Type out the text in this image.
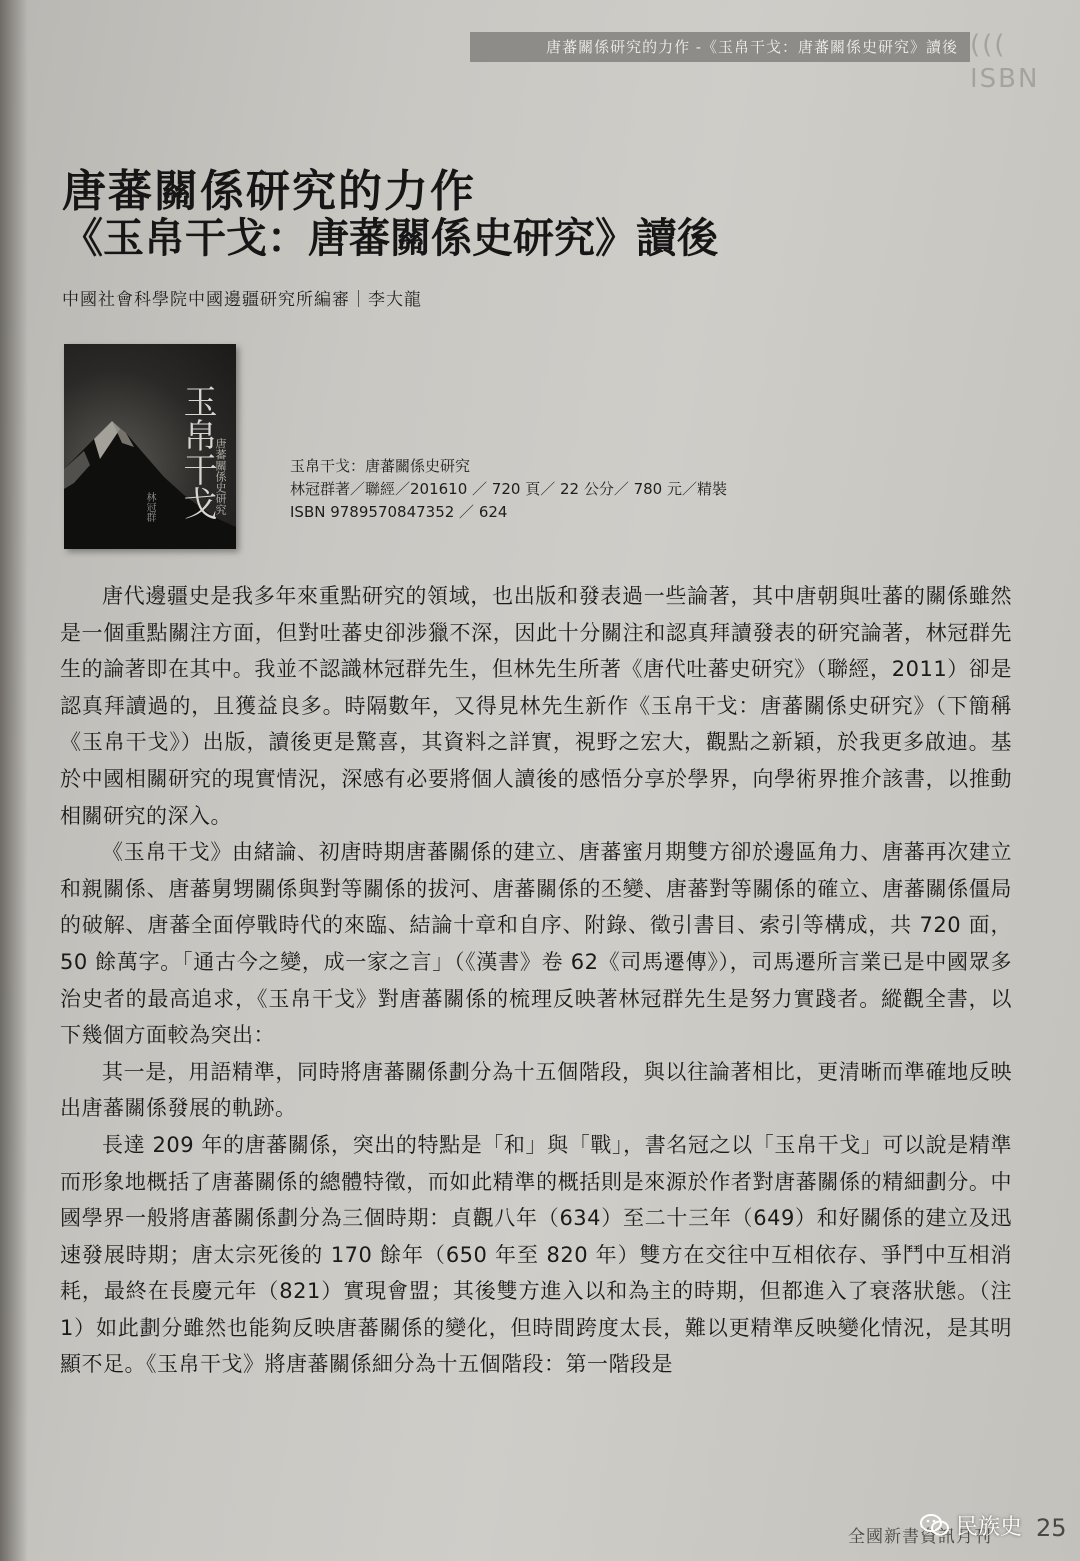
唐蕃關係研究的力作 -《玉帛干戈：唐蕃關係史研究》讀後 ((( ISBN
唐蕃關係研究的力作
《玉帛干戈：唐蕃關係史研究》讀後
中國社會科學院中國邊疆研究所編審｜李大龍
玉帛干戈
唐蕃關係史研究
林冠群
玉帛干戈：唐蕃關係史研究
林冠群著／聯經／201610 ／ 720 頁／ 22 公分／ 780 元／精裝
ISBN 9789570847352 ／ 624

唐代邊疆史是我多年來重點研究的領域，也出版和發表過一些論著，其中唐朝與吐蕃的關係雖然是一個重點關注方面，但對吐蕃史卻涉獵不深，因此十分關注和認真拜讀發表的研究論著，林冠群先生的論著即在其中。我並不認識林冠群先生，但林先生所著《唐代吐蕃史研究》（聯經，2011）卻是認真拜讀過的，且獲益良多。時隔數年，又得見林先生新作《玉帛干戈：唐蕃關係史研究》（下簡稱《玉帛干戈》）出版，讀後更是驚喜，其資料之詳實，視野之宏大，觀點之新穎，於我更多啟迪。基於中國相關研究的現實情況，深感有必要將個人讀後的感悟分享於學界，向學術界推介該書，以推動相關研究的深入。

《玉帛干戈》由緒論、初唐時期唐蕃關係的建立、唐蕃蜜月期雙方卻於邊區角力、唐蕃再次建立和親關係、唐蕃舅甥關係與對等關係的拔河、唐蕃關係的丕變、唐蕃對等關係的確立、唐蕃關係僵局的破解、唐蕃全面停戰時代的來臨、結論十章和自序、附錄、徵引書目、索引等構成，共 720 面，50 餘萬字。「通古今之變，成一家之言」（《漢書》卷 62《司馬遷傳》），司馬遷所言業已是中國眾多治史者的最高追求，《玉帛干戈》對唐蕃關係的梳理反映著林冠群先生是努力實踐者。縱觀全書，以下幾個方面較為突出：

其一是，用語精準，同時將唐蕃關係劃分為十五個階段，與以往論著相比，更清晰而準確地反映出唐蕃關係發展的軌跡。

長達 209 年的唐蕃關係，突出的特點是「和」與「戰」，書名冠之以「玉帛干戈」可以說是精準而形象地概括了唐蕃關係的總體特徵，而如此精準的概括則是來源於作者對唐蕃關係的精細劃分。中國學界一般將唐蕃關係劃分為三個時期：貞觀八年（634）至二十三年（649）和好關係的建立及迅速發展時期；唐太宗死後的 170 餘年（650 年至 820 年）雙方在交往中互相依存、爭鬥中互相消耗，最終在長慶元年（821）實現會盟；其後雙方進入以和為主的時期，但都進入了衰落狀態。（注 1）如此劃分雖然也能夠反映唐蕃關係的變化，但時間跨度太長，難以更精準反映變化情況，是其明顯不足。《玉帛干戈》將唐蕃關係細分為十五個階段：第一階段是

全國新書資訊月刊 25
民族史
